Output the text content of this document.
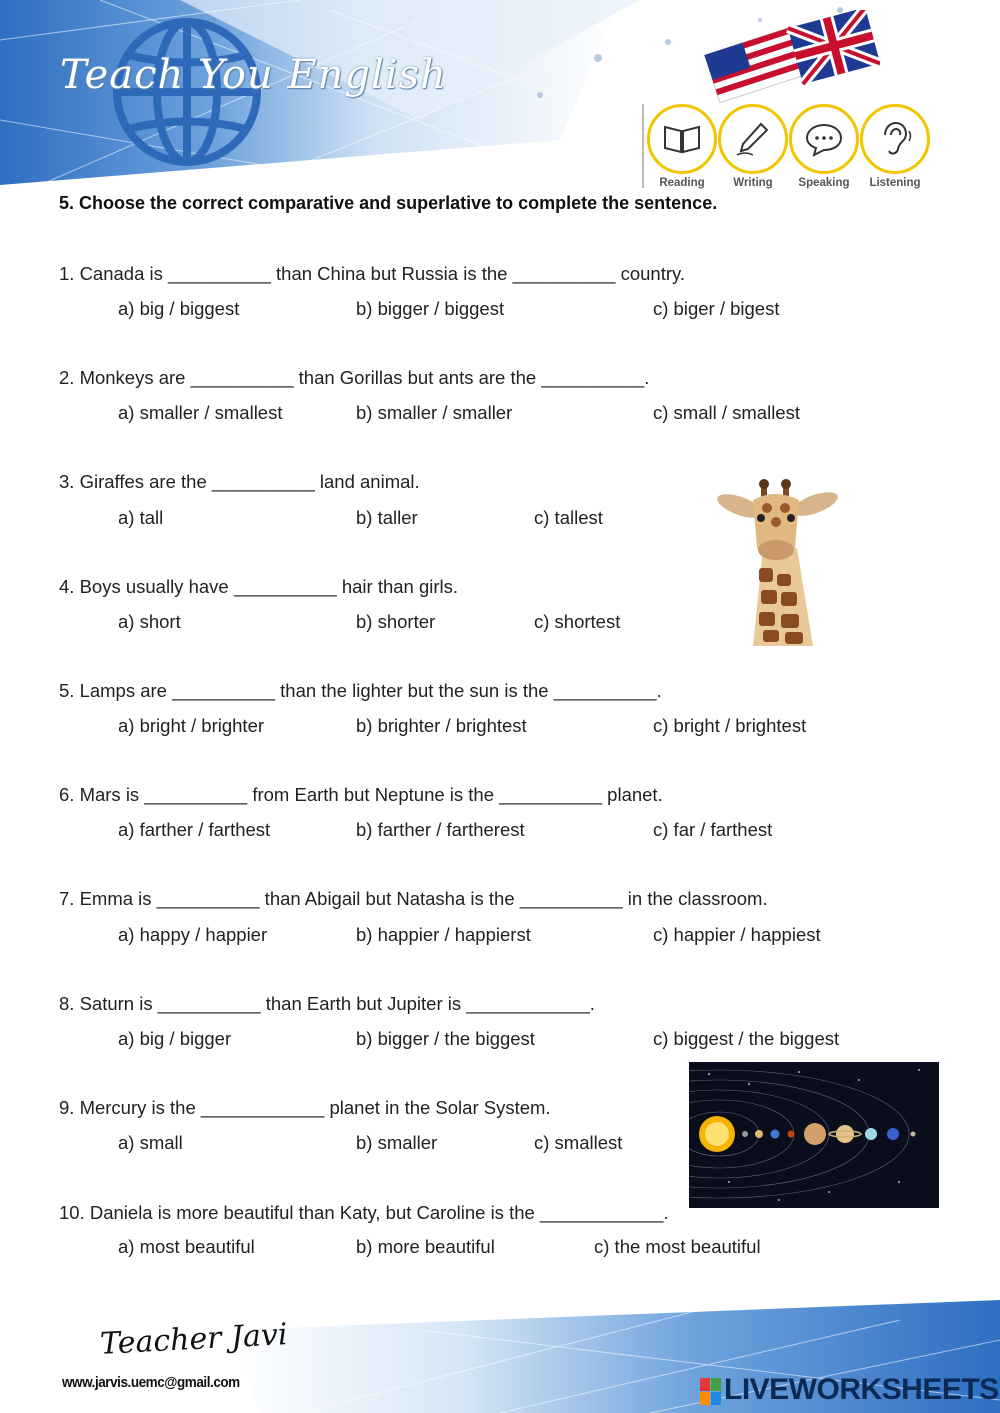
Teach You English
Reading	Writing	Speaking	Listening
5. Choose the correct comparative and superlative to complete the sentence.
1. Canada is __________ than China but Russia is the __________ country.
a) big / biggest	b) bigger / biggest	c) biger / bigest
2. Monkeys are __________ than Gorillas but ants are the __________.
a) smaller / smallest	b) smaller / smaller	c) small / smallest
3. Giraffes are the __________ land animal.
a) tall	b) taller	c) tallest
4. Boys usually have __________ hair than girls.
a) short	b) shorter	c) shortest
5. Lamps are __________ than the lighter but the sun is the __________.
a) bright / brighter	b) brighter / brightest	c) bright / brightest
6. Mars is __________ from Earth but Neptune is the __________ planet.
a) farther / farthest	b) farther / fartherest	c) far / farthest
7. Emma is __________ than Abigail but Natasha is the __________ in the classroom.
a) happy / happier	b) happier / happierst	c) happier / happiest
8. Saturn is __________ than Earth but Jupiter is ____________.
a) big / bigger	b) bigger / the biggest	c) biggest / the biggest
9. Mercury is the ____________ planet in the Solar System.
a) small	b) smaller	c) smallest
10. Daniela is more beautiful than Katy, but Caroline is the ____________.
a) most beautiful	b) more beautiful	c) the most beautiful
Teacher Javi
www.jarvis.uemc@gmail.com	LIVEWORKSHEETS
